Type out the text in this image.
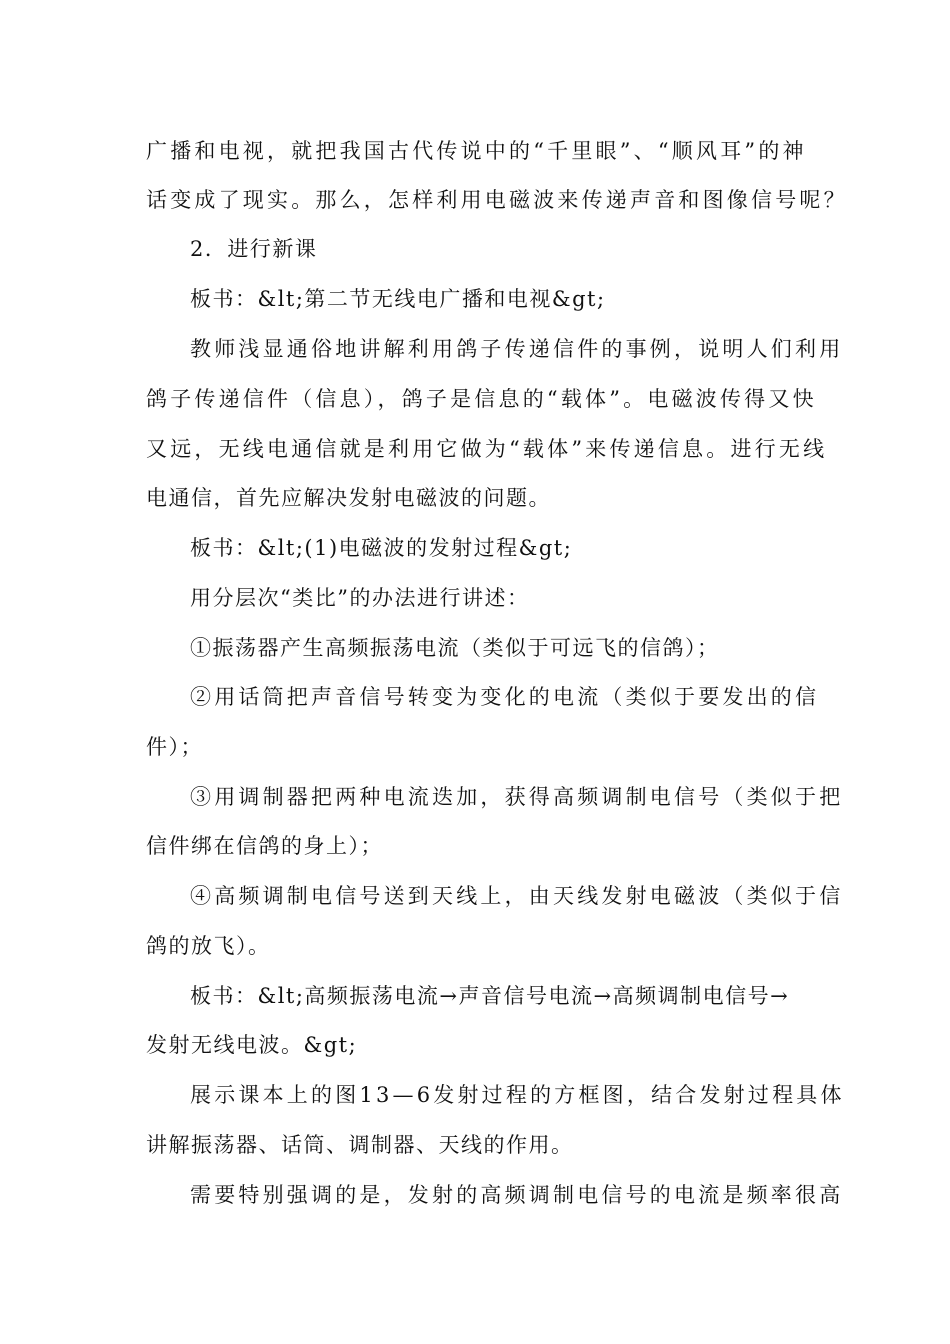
广播和电视，就把我国古代传说中的“千里眼”、“顺风耳”的神
话变成了现实。那么，怎样利用电磁波来传递声音和图像信号呢？
2．进行新课
板书：&lt;第二节无线电广播和电视&gt;
教师浅显通俗地讲解利用鸽子传递信件的事例，说明人们利用
鸽子传递信件（信息），鸽子是信息的“载体”。电磁波传得又快
又远，无线电通信就是利用它做为“载体”来传递信息。进行无线
电通信，首先应解决发射电磁波的问题。
板书：&lt;(1)电磁波的发射过程&gt;
用分层次“类比”的办法进行讲述：
①振荡器产生高频振荡电流（类似于可远飞的信鸽）；
②用话筒把声音信号转变为变化的电流（类似于要发出的信
件）；
③用调制器把两种电流迭加，获得高频调制电信号（类似于把
信件绑在信鸽的身上）；
④高频调制电信号送到天线上，由天线发射电磁波（类似于信
鸽的放飞）。
板书：&lt;高频振荡电流→声音信号电流→高频调制电信号→
发射无线电波。&gt;
展示课本上的图13—6发射过程的方框图，结合发射过程具体
讲解振荡器、话筒、调制器、天线的作用。
需要特别强调的是，发射的高频调制电信号的电流是频率很高
